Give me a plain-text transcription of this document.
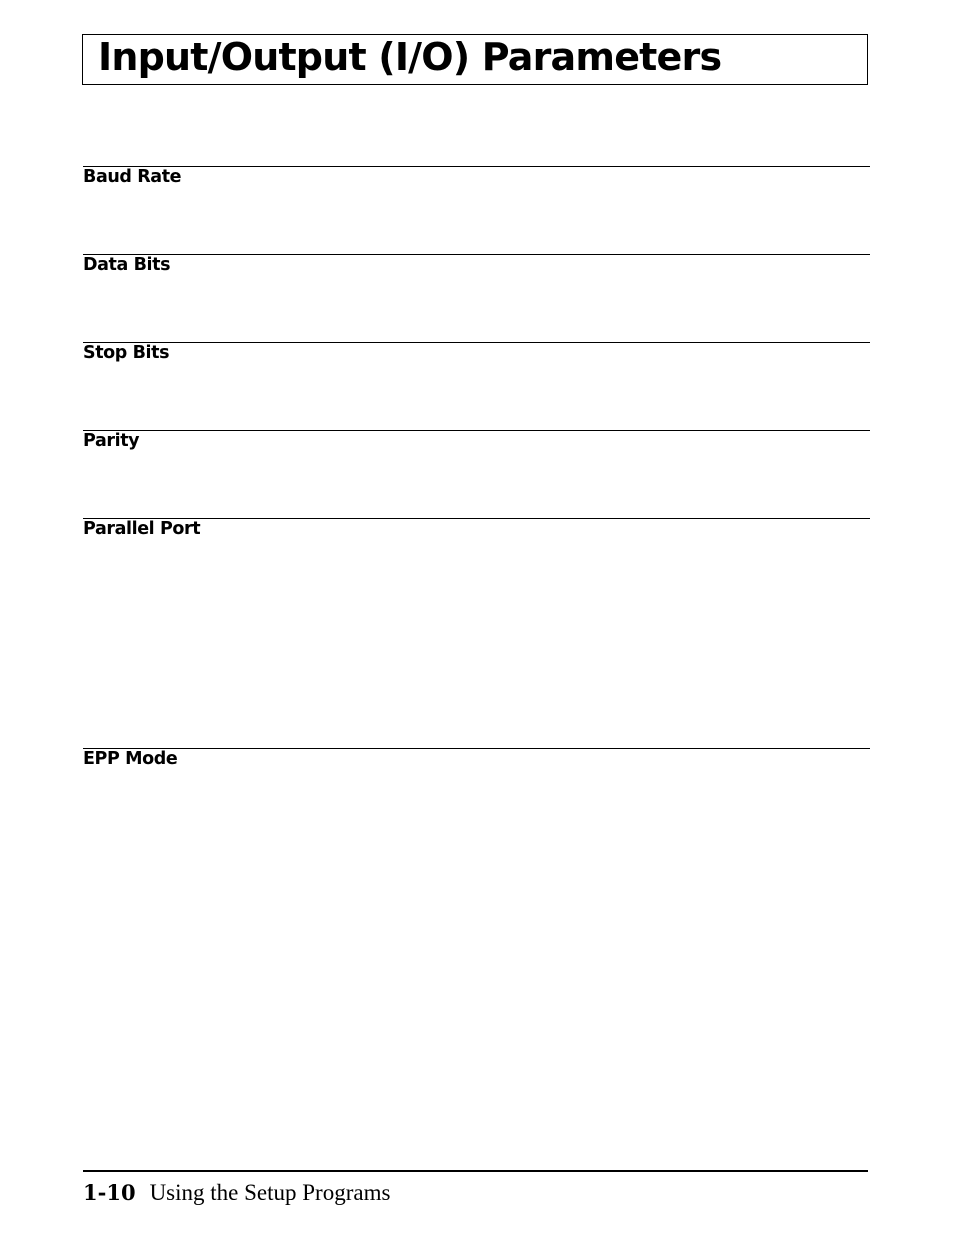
Input/Output (I/O) Parameters
Baud Rate
Data Bits
Stop Bits
Parity
Parallel Port
EPP Mode
1-10 Using the Setup Programs
